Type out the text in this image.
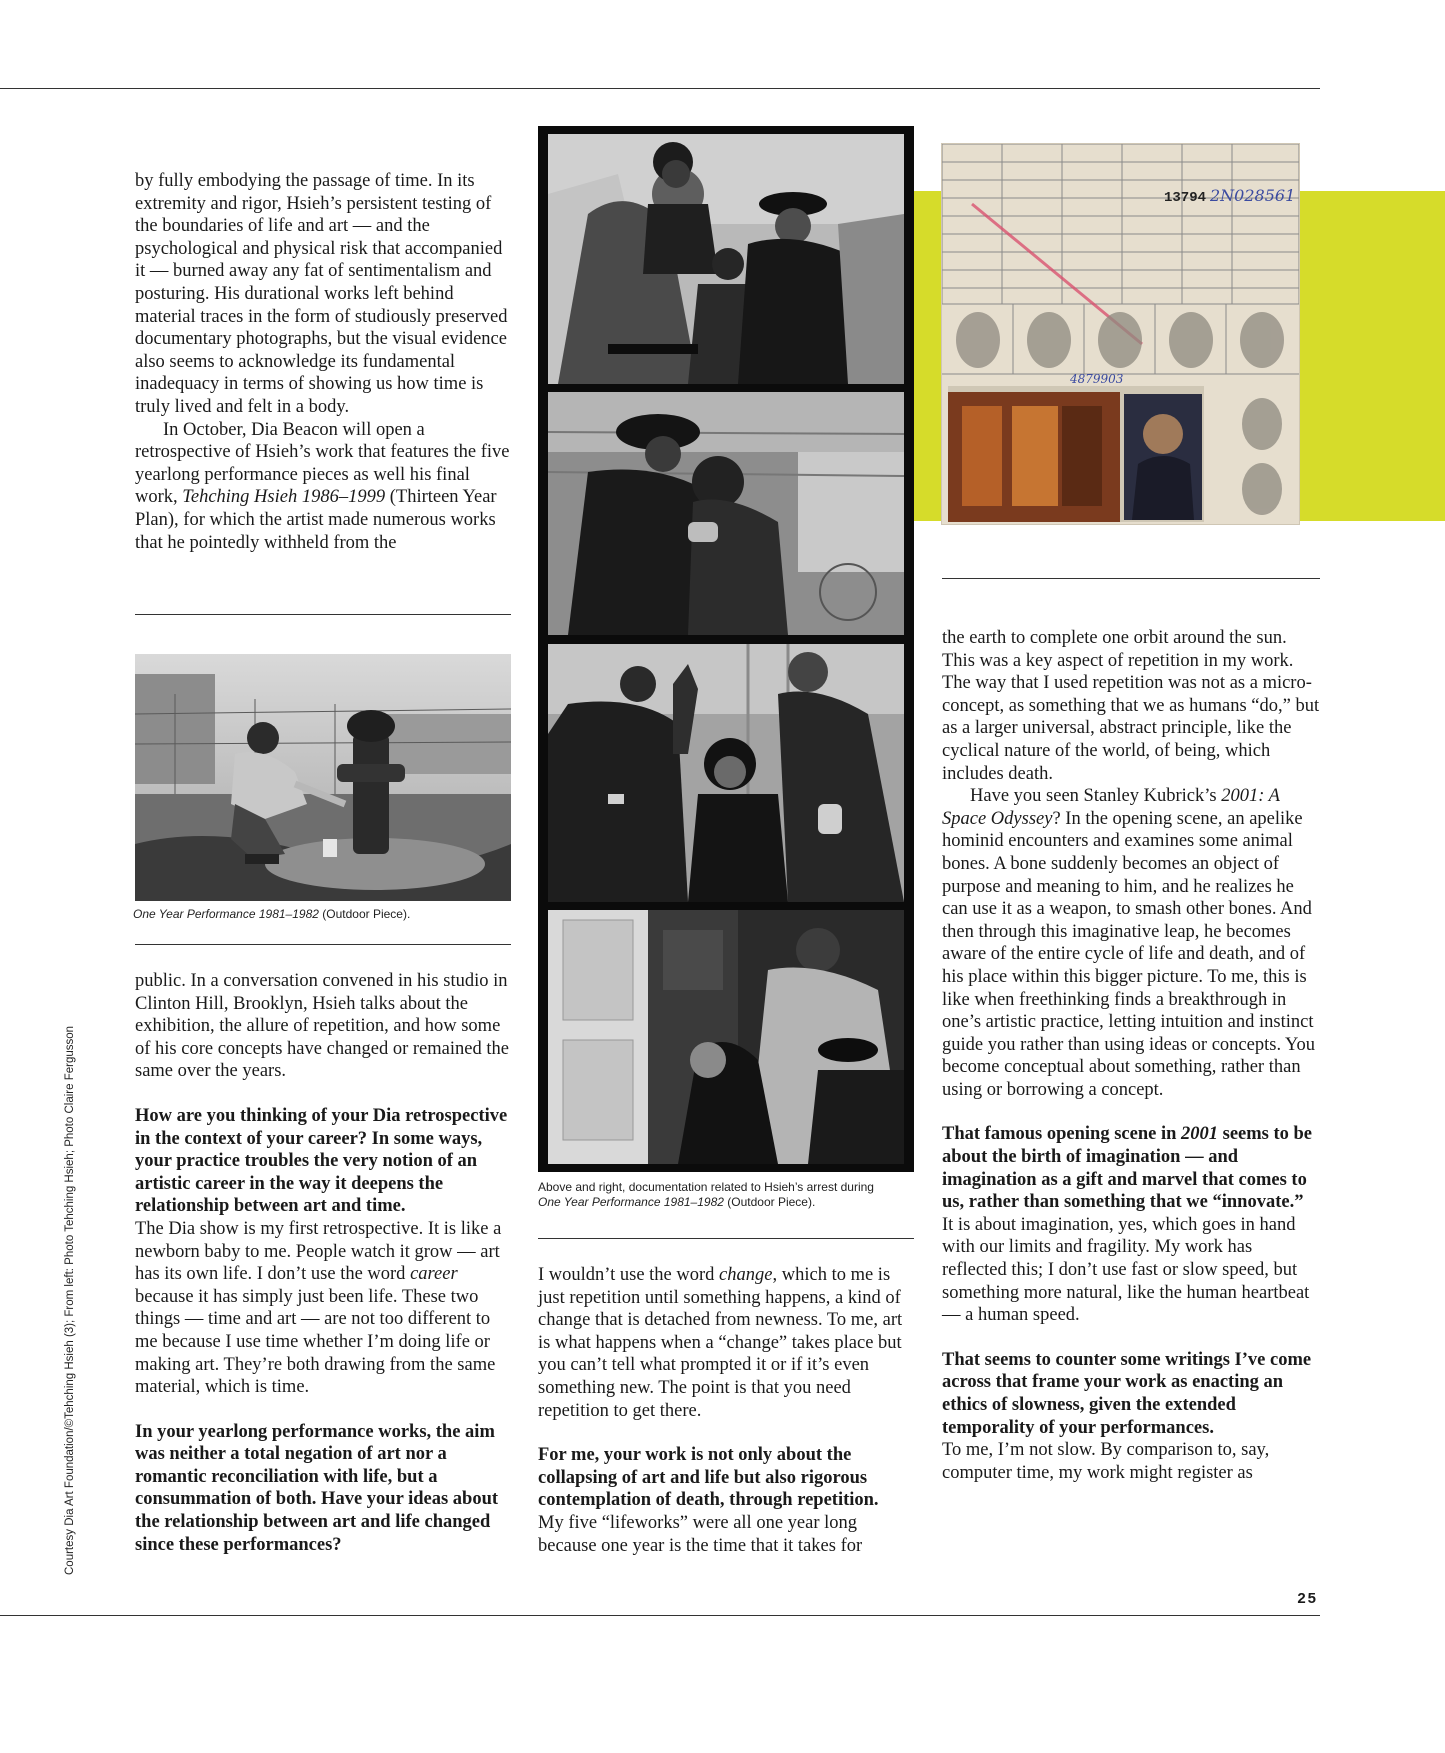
Courtesy Dia Art Foundation/©Tehching Hsieh (3); From left: Photo Tehching Hsieh; Photo Claire Fergusson

by fully embodying the passage of time. In its extremity and rigor, Hsieh’s persistent testing of the boundaries of life and art — and the psychological and physical risk that accompanied it — burned away any fat of sentimentalism and posturing. His durational works left behind material traces in the form of studiously preserved documentary photographs, but the visual evidence also seems to acknowledge its fundamental inadequacy in terms of showing us how time is truly lived and felt in a body.

In October, Dia Beacon will open a retrospective of Hsieh’s work that features the five yearlong performance pieces as well his final work, Tehching Hsieh 1986–1999 (Thirteen Year Plan), for which the artist made numerous works that he pointedly withheld from the

One Year Performance 1981–1982 (Outdoor Piece).

public. In a conversation convened in his studio in Clinton Hill, Brooklyn, Hsieh talks about the exhibition, the allure of repetition, and how some of his core concepts have changed or remained the same over the years.

How are you thinking of your Dia retrospective in the context of your career? In some ways, your practice troubles the very notion of an artistic career in the way it deepens the relationship between art and time.

The Dia show is my first retrospective. It is like a newborn baby to me. People watch it grow — art has its own life. I don’t use the word career because it has simply just been life. These two things — time and art — are not too different to me because I use time whether I’m doing life or making art. They’re both drawing from the same material, which is time.

In your yearlong performance works, the aim was neither a total negation of art nor a romantic reconciliation with life, but a consummation of both. Have your ideas about the relationship between art and life changed since these performances?

Above and right, documentation related to Hsieh’s arrest during
One Year Performance 1981–1982 (Outdoor Piece).

I wouldn’t use the word change, which to me is just repetition until something happens, a kind of change that is detached from newness. To me, art is what happens when a “change” takes place but you can’t tell what prompted it or if it’s even something new. The point is that you need repetition to get there.

For me, your work is not only about the collapsing of art and life but also rigorous contemplation of death, through repetition.

My five “lifeworks” were all one year long because one year is the time that it takes for

13794 2N028561
4879903

the earth to complete one orbit around the sun. This was a key aspect of repetition in my work. The way that I used repetition was not as a micro-concept, as something that we as humans “do,” but as a larger universal, abstract principle, like the cyclical nature of the world, of being, which includes death.

Have you seen Stanley Kubrick’s 2001: A Space Odyssey? In the opening scene, an apelike hominid encounters and examines some animal bones. A bone suddenly becomes an object of purpose and meaning to him, and he realizes he can use it as a weapon, to smash other bones. And then through this imaginative leap, he becomes aware of the entire cycle of life and death, and of his place within this bigger picture. To me, this is like when freethinking finds a breakthrough in one’s artistic practice, letting intuition and instinct guide you rather than using ideas or concepts. You become conceptual about something, rather than using or borrowing a concept.

That famous opening scene in 2001 seems to be about the birth of imagination — and imagination as a gift and marvel that comes to us, rather than something that we “innovate.”

It is about imagination, yes, which goes in hand with our limits and fragility. My work has reflected this; I don’t use fast or slow speed, but something more natural, like the human heartbeat — a human speed.

That seems to counter some writings I’ve come across that frame your work as enacting an ethics of slowness, given the extended temporality of your performances.

To me, I’m not slow. By comparison to, say, computer time, my work might register as

25
